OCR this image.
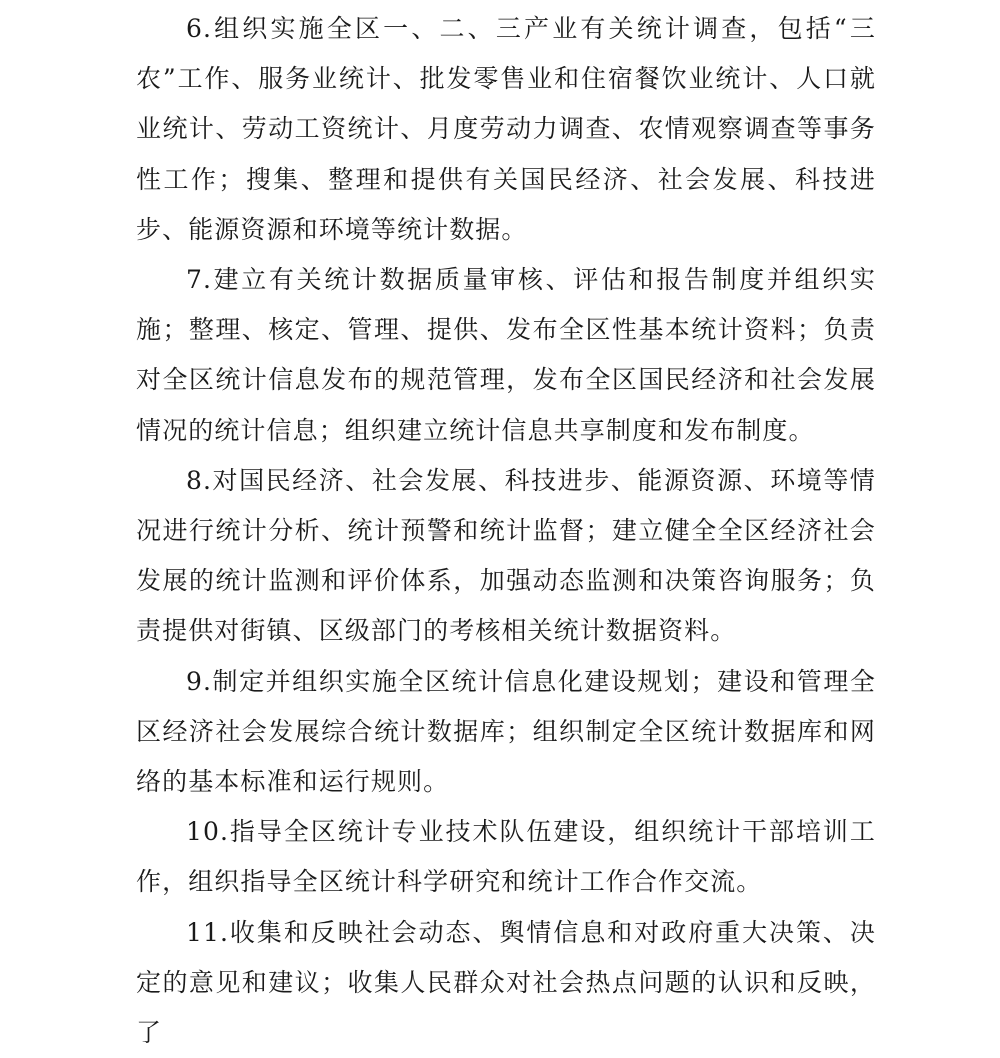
6.组织实施全区一、二、三产业有关统计调查，包括“三农”工作、服务业统计、批发零售业和住宿餐饮业统计、人口就业统计、劳动工资统计、月度劳动力调查、农情观察调查等事务性工作；搜集、整理和提供有关国民经济、社会发展、科技进步、能源资源和环境等统计数据。

7.建立有关统计数据质量审核、评估和报告制度并组织实施；整理、核定、管理、提供、发布全区性基本统计资料；负责对全区统计信息发布的规范管理，发布全区国民经济和社会发展情况的统计信息；组织建立统计信息共享制度和发布制度。

8.对国民经济、社会发展、科技进步、能源资源、环境等情况进行统计分析、统计预警和统计监督；建立健全全区经济社会发展的统计监测和评价体系，加强动态监测和决策咨询服务；负责提供对街镇、区级部门的考核相关统计数据资料。

9.制定并组织实施全区统计信息化建设规划；建设和管理全区经济社会发展综合统计数据库；组织制定全区统计数据库和网络的基本标准和运行规则。

10.指导全区统计专业技术队伍建设，组织统计干部培训工作，组织指导全区统计科学研究和统计工作合作交流。

11.收集和反映社会动态、舆情信息和对政府重大决策、决定的意见和建议；收集人民群众对社会热点问题的认识和反映，了
